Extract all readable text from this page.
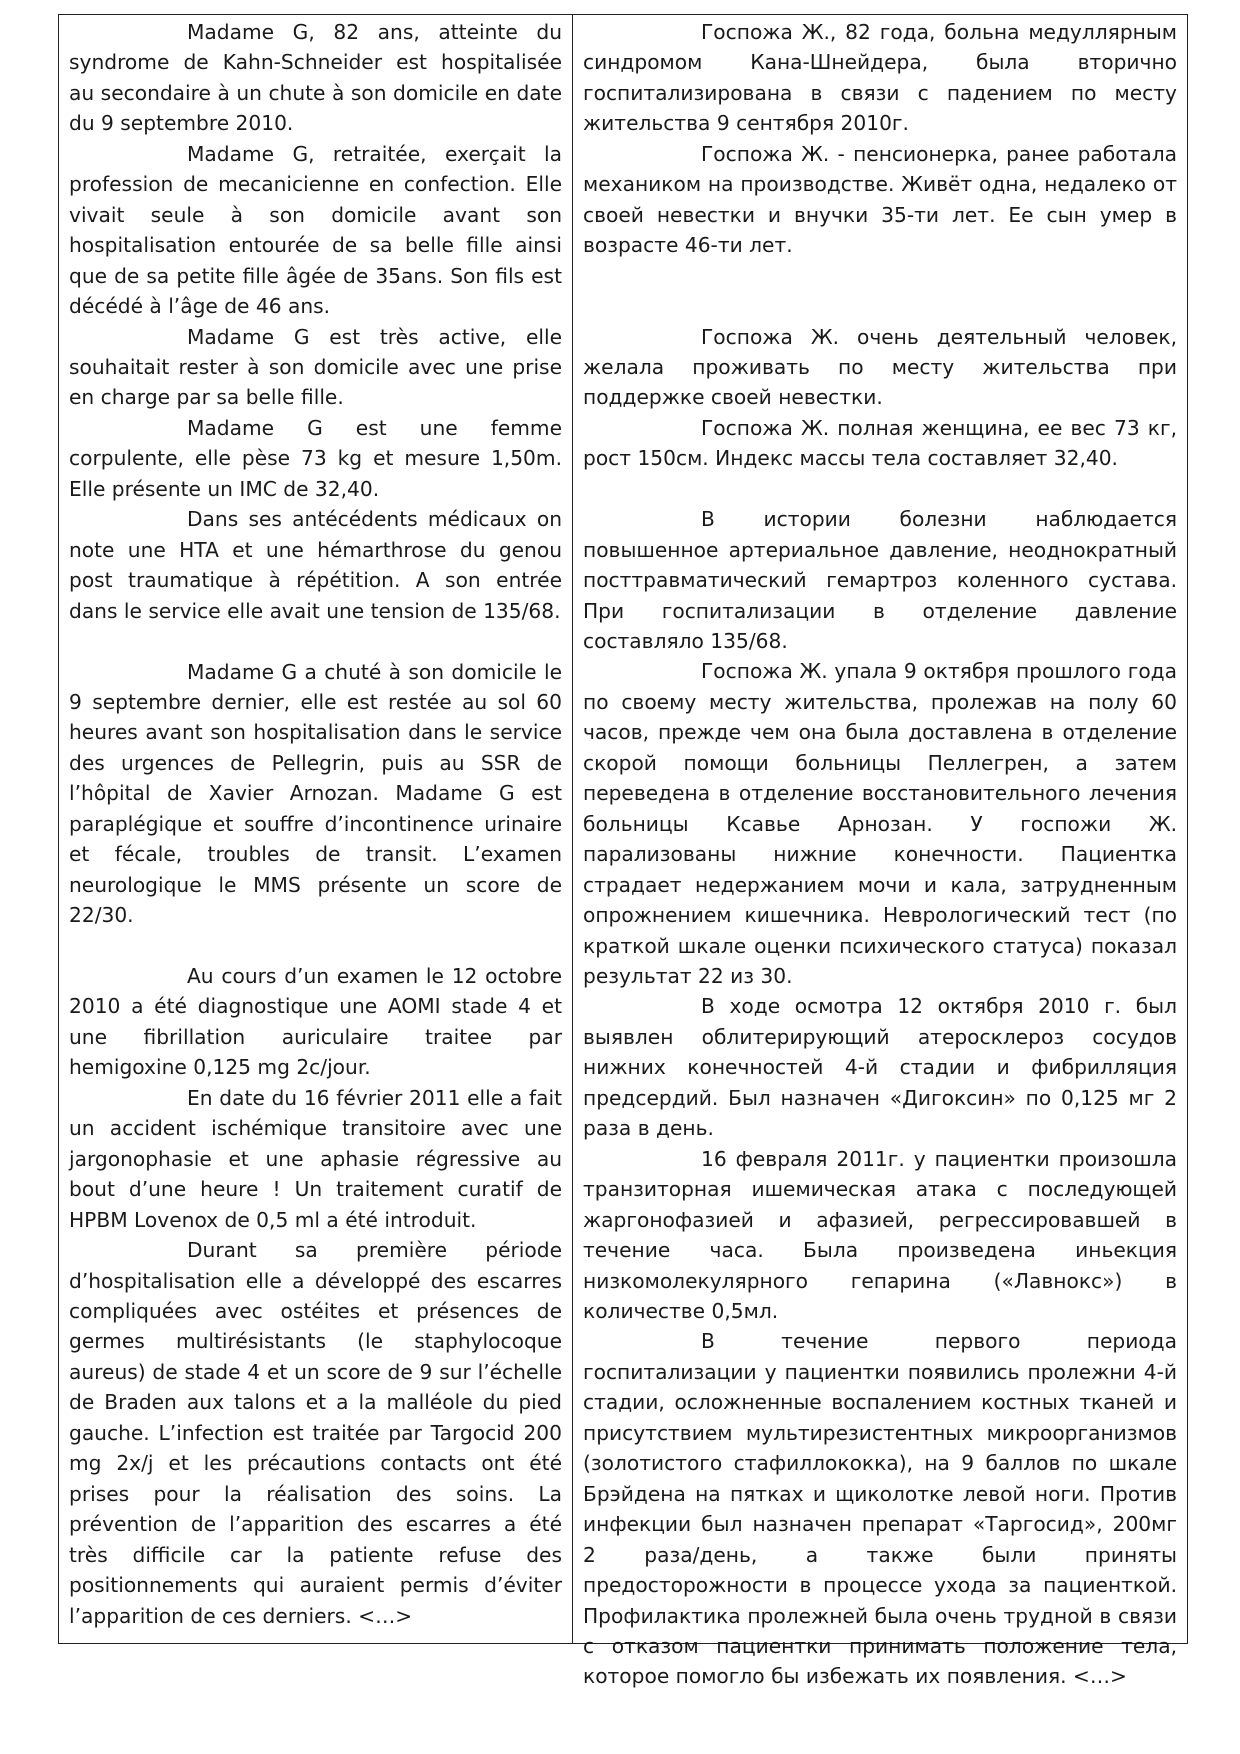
Madame G, 82 ans, atteinte du syndrome de Kahn-Schneider est hospitalisée au secondaire à un chute à son domicile en date du 9 septembre 2010.

Madame G, retraitée, exerçait la profession de mecanicienne en confection. Elle vivait seule à son domicile avant son hospitalisation entourée de sa belle fille ainsi que de sa petite fille âgée de 35ans. Son fils est décédé à l’âge de 46 ans.

Madame G est très active, elle souhaitait rester à son domicile avec une prise en charge par sa belle fille.

Madame G est une femme corpulente, elle pèse 73 kg et mesure 1,50m. Elle présente un IMC de 32,40.

Dans ses antécédents médicaux on note une HTA et une hémarthrose du genou post traumatique à répétition. A son entrée dans le service elle avait une tension de 135/68.

Madame G a chuté à son domicile le 9 septembre dernier, elle est restée au sol 60 heures avant son hospitalisation dans le service des urgences de Pellegrin, puis au SSR de l’hôpital de Xavier Arnozan. Madame G est paraplégique et souffre d’incontinence urinaire et fécale, troubles de transit. L’examen neurologique le MMS présente un score de 22/30.

Au cours d’un examen le 12 octobre 2010 a été diagnostique une AOMI stade 4 et une fibrillation auriculaire traitee par hemigoxine 0,125 mg 2c/jour.

En date du 16 février 2011 elle a fait un accident ischémique transitoire avec une jargonophasie et une aphasie régressive au bout d’une heure ! Un traitement curatif de HPBM Lovenox de 0,5 ml a été introduit.

Durant sa première période d’hospitalisation elle a développé des escarres compliquées avec ostéites et présences de germes multirésistants (le staphylocoque aureus) de stade 4 et un score de 9 sur l’échelle de Braden aux talons et a la malléole du pied gauche. L’infection est traitée par Targocid 200 mg 2x/j et les précautions contacts ont été prises pour la réalisation des soins. La prévention de l’apparition des escarres a été très difficile car la patiente refuse des positionnements qui auraient permis d’éviter l’apparition de ces derniers. <…>

Госпожа Ж., 82 года, больна медуллярным синдромом Кана-Шнейдера, была вторично госпитализирована в связи с падением по месту жительства 9 сентября 2010г.

Госпожа Ж. - пенсионерка, ранее работала механиком на производстве. Живёт одна, недалеко от своей невестки и внучки 35-ти лет. Ее сын умер в возрасте 46-ти лет.

Госпожа Ж. очень деятельный человек, желала проживать по месту жительства при поддержке своей невестки.

Госпожа Ж. полная женщина, ее вес 73 кг, рост 150см. Индекс массы тела составляет 32,40.

В истории болезни наблюдается повышенное артериальное давление, неоднократный посттравматический гемартроз коленного сустава. При госпитализации в отделение давление составляло 135/68.

Госпожа Ж. упала 9 октября прошлого года по своему месту жительства, пролежав на полу 60 часов, прежде чем она была доставлена в отделение скорой помощи больницы Пеллегрен, а затем переведена в отделение восстановительного лечения больницы Ксавье Арнозан. У госпожи Ж. парализованы нижние конечности. Пациентка страдает недержанием мочи и кала, затрудненным опрожнением кишечника. Неврологический тест (по краткой шкале оценки психического статуса) показал результат 22 из 30.

В ходе осмотра 12 октября 2010 г. был выявлен облитерирующий атеросклероз сосудов нижних конечностей 4-й стадии и фибрилляция предсердий. Был назначен «Дигоксин» по 0,125 мг 2 раза в день.

16 февраля 2011г. у пациентки произошла транзиторная ишемическая атака с последующей жаргонофазией и афазией, регрессировавшей в течение часа. Была произведена иньекция низкомолекулярного гепарина («Лавнокс») в количестве 0,5мл.

В течение первого периода госпитализации у пациентки появились пролежни 4-й стадии, осложненные воспалением костных тканей и присутствием мультирезистентных микроорганизмов (золотистого стафиллококка), на 9 баллов по шкале Брэйдена на пятках и щиколотке левой ноги. Против инфекции был назначен препарат «Таргосид», 200мг 2 раза/день, а также были приняты предосторожности в процессе ухода за пациенткой. Профилактика пролежней была очень трудной в связи с отказом пациентки принимать положение тела, которое помогло бы избежать их появления. <…>
